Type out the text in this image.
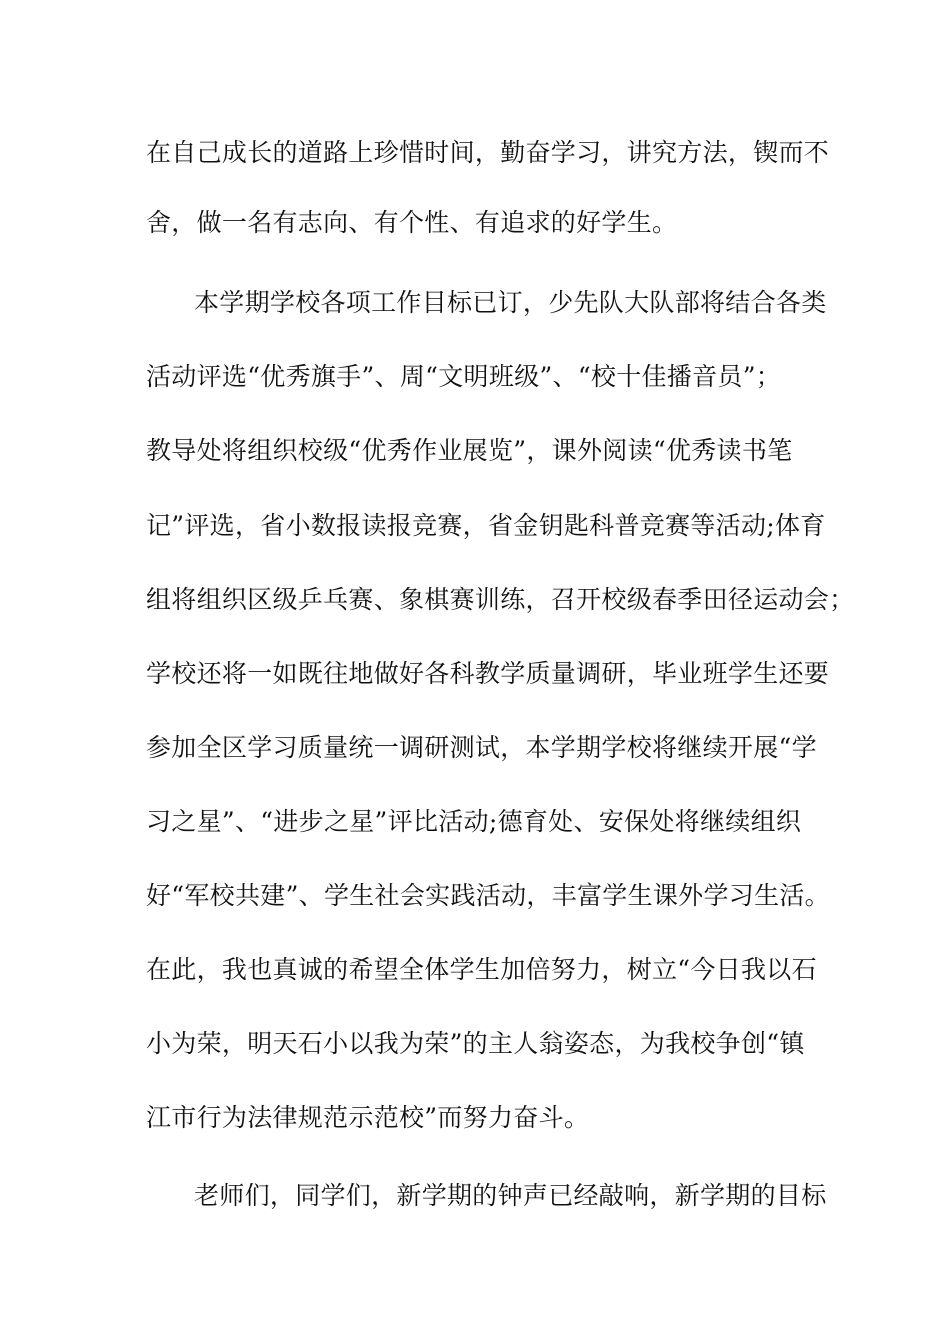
在自己成长的道路上珍惜时间，勤奋学习，讲究方法，锲而不
舍，做一名有志向、有个性、有追求的好学生。
本学期学校各项工作目标已订，少先队大队部将结合各类
活动评选“优秀旗手”、周“文明班级”、“校十佳播音员”；
教导处将组织校级“优秀作业展览”，课外阅读“优秀读书笔
记”评选，省小数报读报竞赛，省金钥匙科普竞赛等活动;体育
组将组织区级乒乓赛、象棋赛训练，召开校级春季田径运动会；
学校还将一如既往地做好各科教学质量调研，毕业班学生还要
参加全区学习质量统一调研测试，本学期学校将继续开展“学
习之星”、“进步之星”评比活动;德育处、安保处将继续组织
好“军校共建”、学生社会实践活动，丰富学生课外学习生活。
在此，我也真诚的希望全体学生加倍努力，树立“今日我以石
小为荣，明天石小以我为荣”的主人翁姿态，为我校争创“镇
江市行为法律规范示范校”而努力奋斗。
老师们，同学们，新学期的钟声已经敲响，新学期的目标
